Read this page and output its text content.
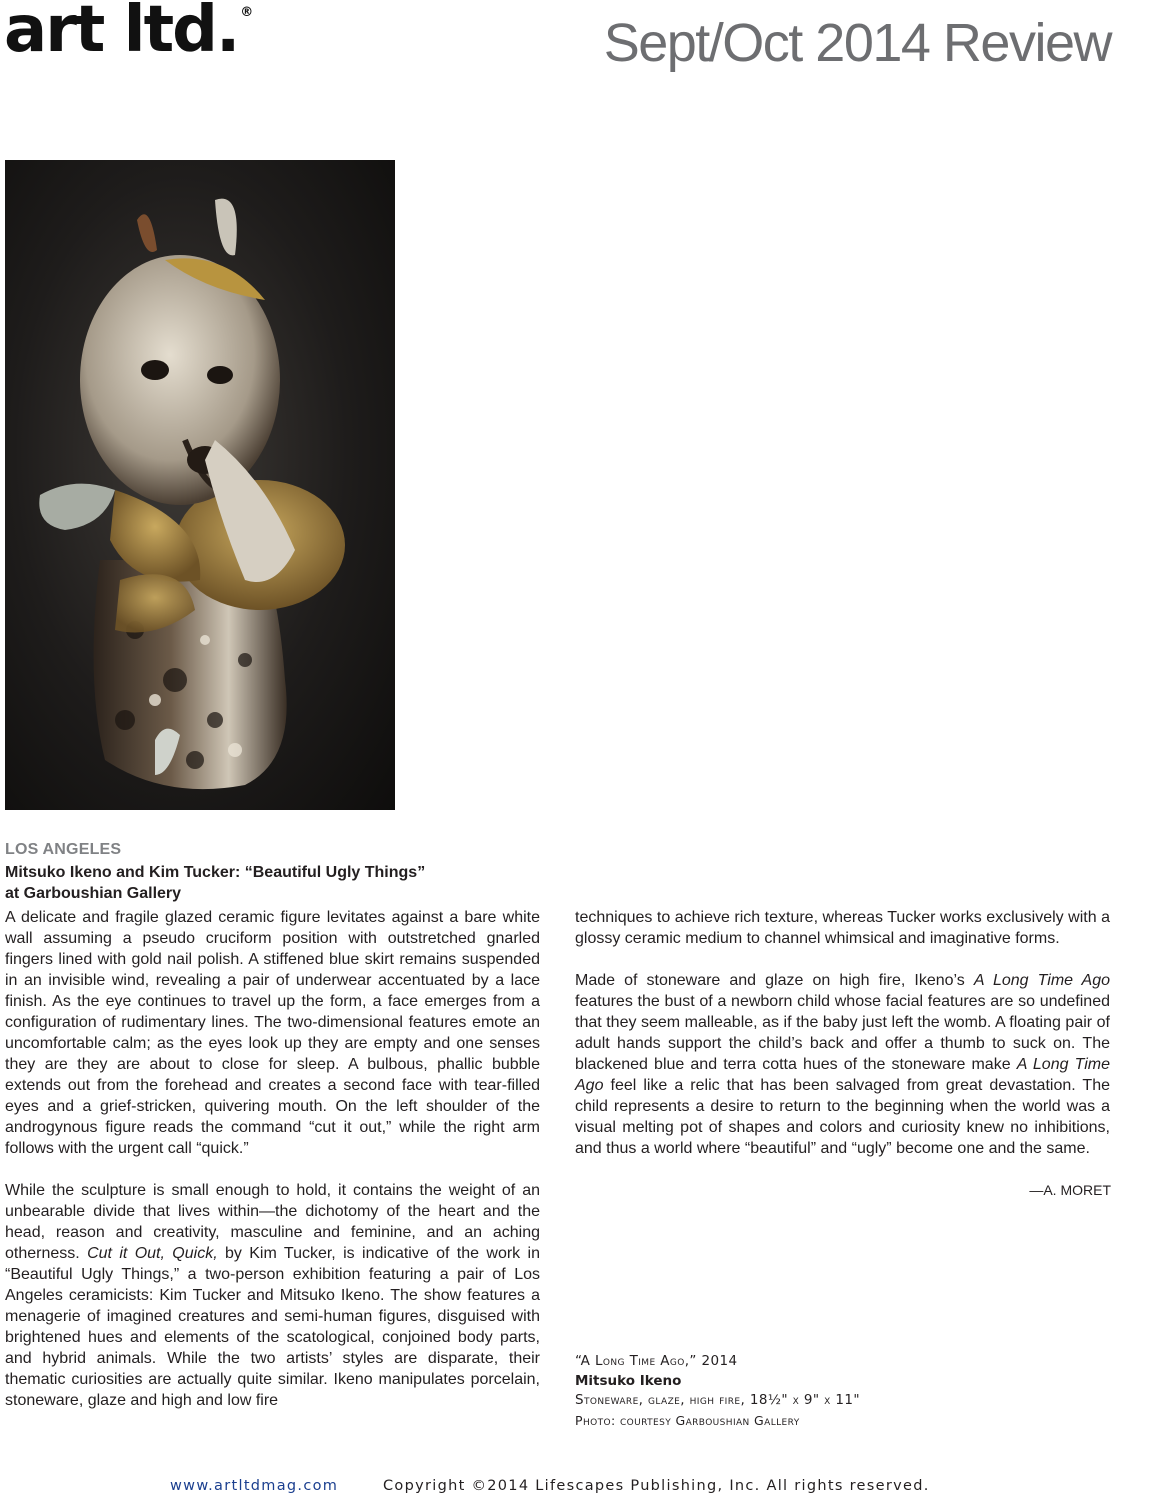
art ltd. ®
Sept/Oct 2014 Review
LOS ANGELES
Mitsuko Ikeno and Kim Tucker: “Beautiful Ugly Things”
at Garboushian Gallery

A delicate and fragile glazed ceramic figure levitates against a bare white wall assuming a pseudo cruciform position with outstretched gnarled fingers lined with gold nail polish. A stiffened blue skirt remains suspended in an invisible wind, revealing a pair of underwear accentuated by a lace finish. As the eye continues to travel up the form, a face emerges from a configuration of rudimentary lines. The two-dimensional features emote an uncomfortable calm; as the eyes look up they are empty and one senses they are they are about to close for sleep. A bulbous, phallic bubble extends out from the forehead and creates a second face with tear-filled eyes and a grief-stricken, quivering mouth. On the left shoulder of the androgynous figure reads the command “cut it out,” while the right arm follows with the urgent call “quick.”

While the sculpture is small enough to hold, it contains the weight of an unbearable divide that lives within—the dichotomy of the heart and the head, reason and creativity, masculine and feminine, and an aching otherness. Cut it Out, Quick, by Kim Tucker, is indicative of the work in “Beautiful Ugly Things,” a two-person exhibition featuring a pair of Los Angeles ceramicists: Kim Tucker and Mitsuko Ikeno. The show features a menagerie of imagined creatures and semi-human figures, disguised with brightened hues and elements of the scatological, conjoined body parts, and hybrid animals. While the two artists’ styles are disparate, their thematic curiosities are actually quite similar. Ikeno manipulates porcelain, stoneware, glaze and high and low fire

techniques to achieve rich texture, whereas Tucker works exclusively with a glossy ceramic medium to channel whimsical and imaginative forms.

Made of stoneware and glaze on high fire, Ikeno’s A Long Time Ago features the bust of a newborn child whose facial features are so undefined that they seem malleable, as if the baby just left the womb. A floating pair of adult hands support the child’s back and offer a thumb to suck on. The blackened blue and terra cotta hues of the stoneware make A Long Time Ago feel like a relic that has been salvaged from great devastation. The child represents a desire to return to the beginning when the world was a visual melting pot of shapes and colors and curiosity knew no inhibitions, and thus a world where “beautiful” and “ugly” become one and the same.

—A. MORET
“A Long Time Ago,” 2014
Mitsuko Ikeno
Stoneware, glaze, high fire, 18½" x 9" x 11"
Photo: courtesy Garboushian Gallery
www.artltdmag.com	Copyright ©2014 Lifescapes Publishing, Inc. All rights reserved.
